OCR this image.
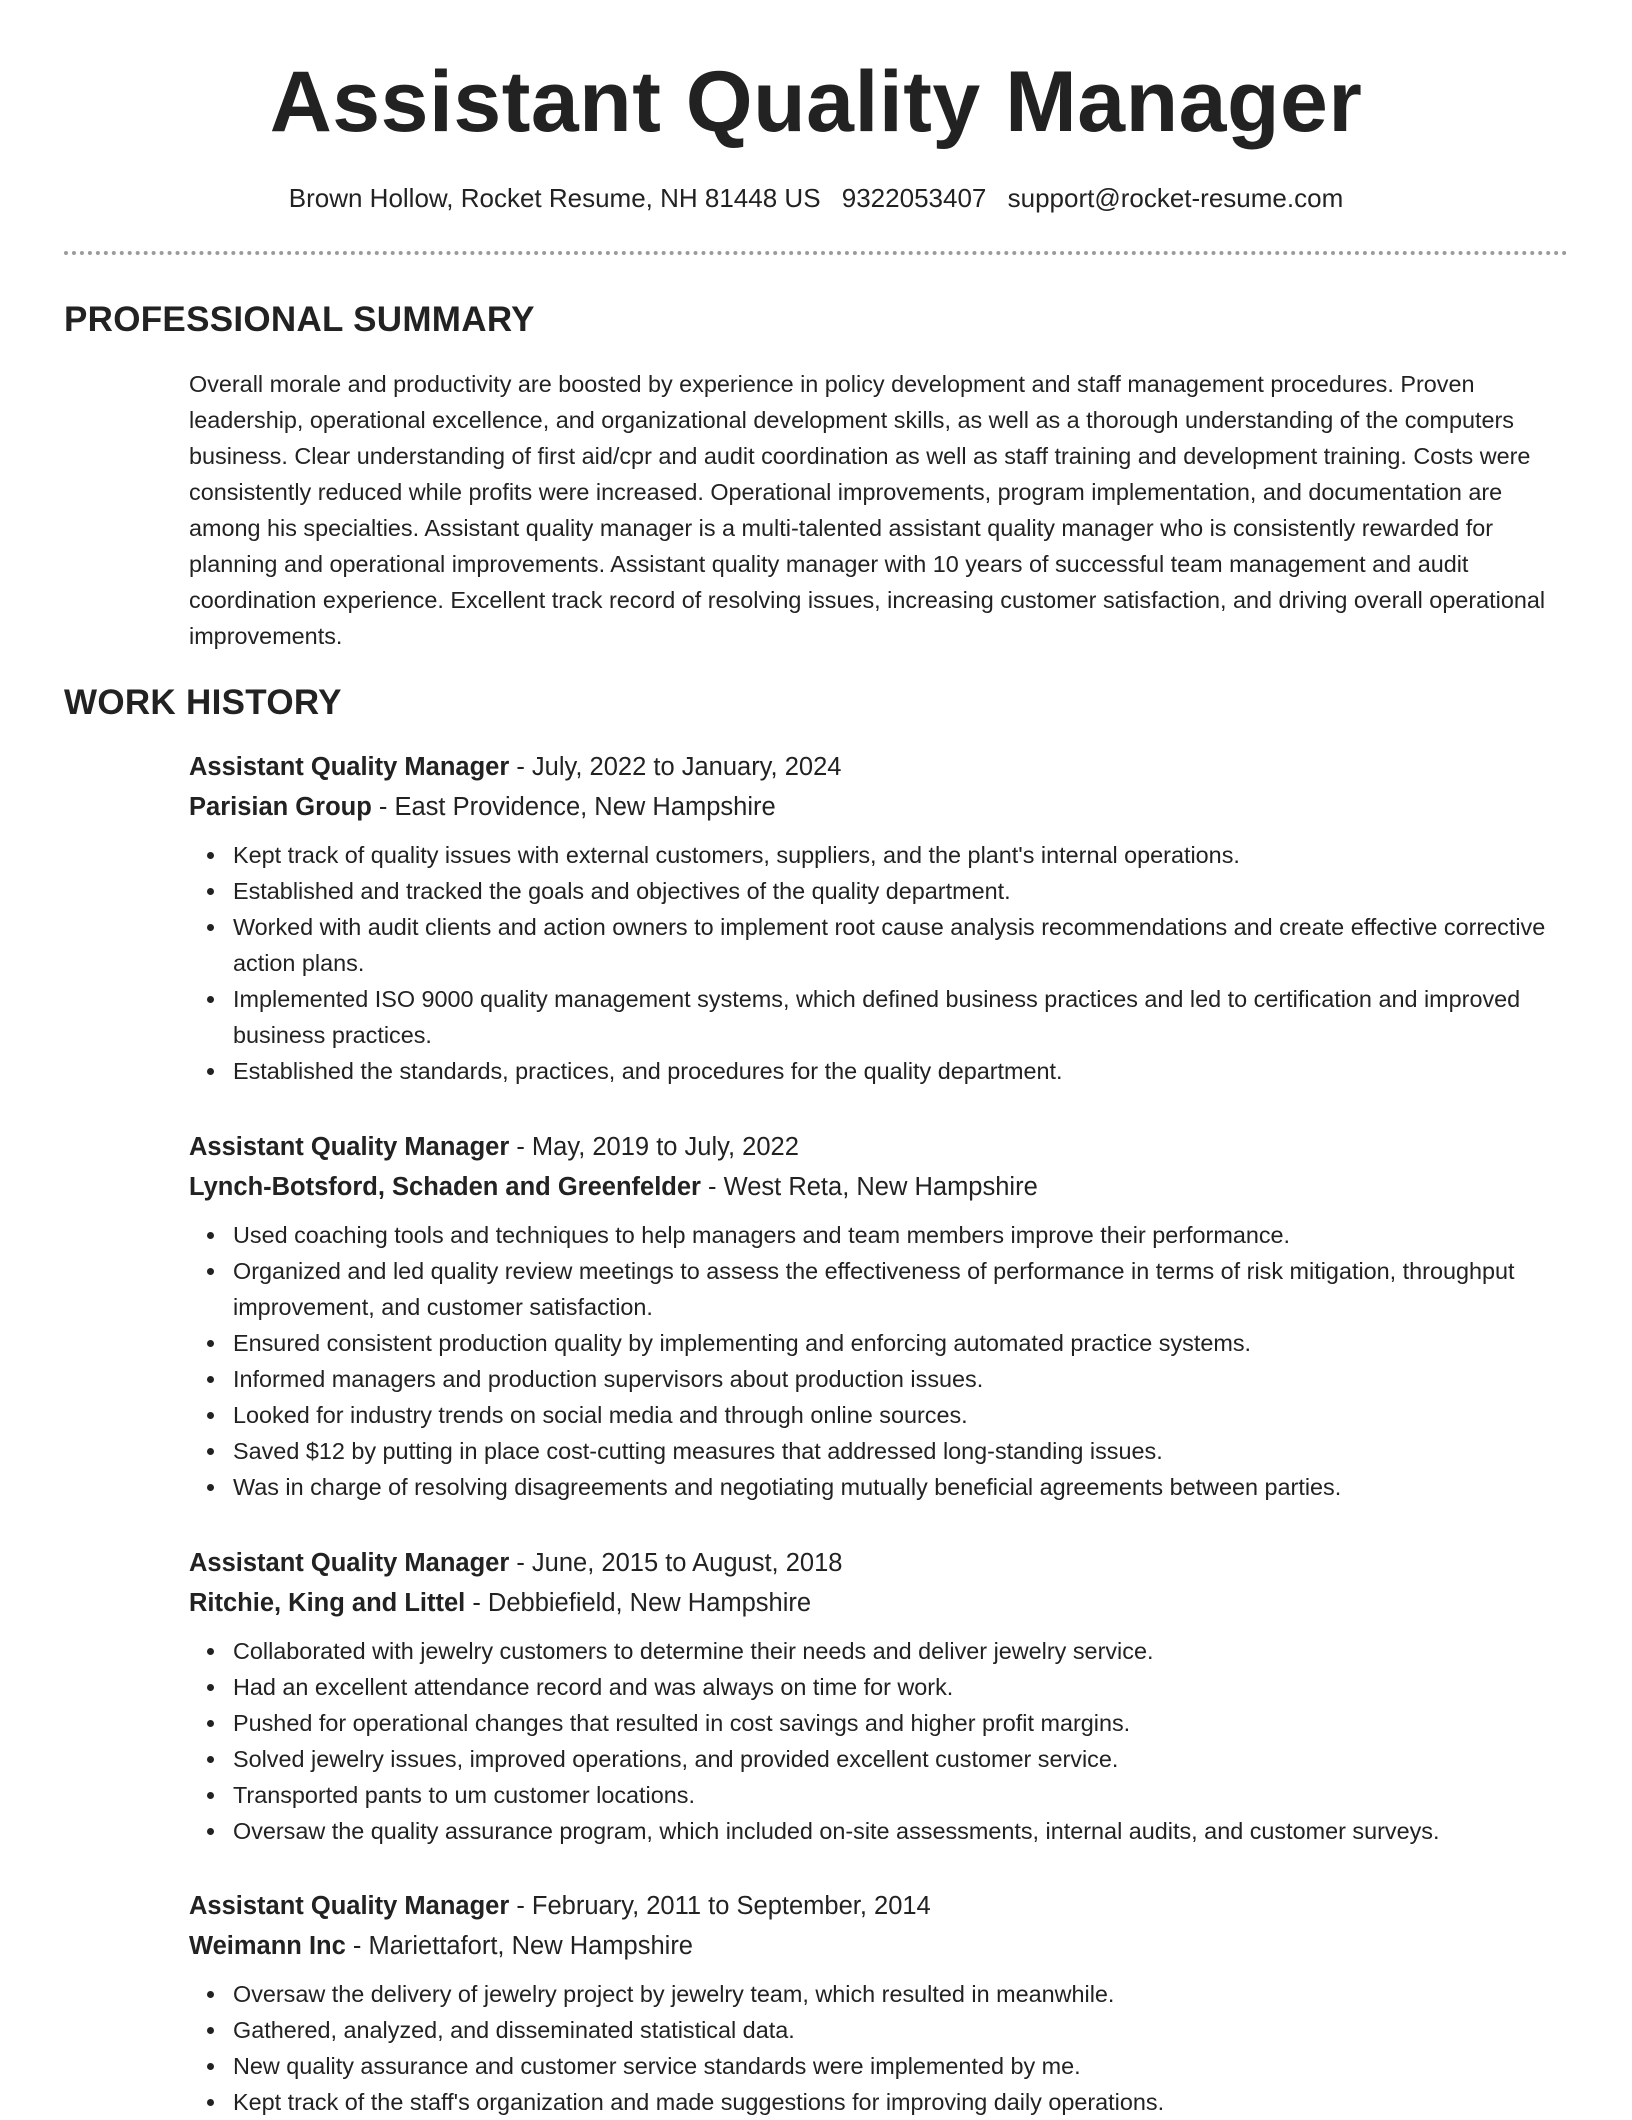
Assistant Quality Manager
Brown Hollow, Rocket Resume, NH 81448 US 9322053407 support@rocket-resume.com
PROFESSIONAL SUMMARY

Overall morale and productivity are boosted by experience in policy development and staff management procedures. Proven leadership, operational excellence, and organizational development skills, as well as a thorough understanding of the computers business. Clear understanding of first aid/cpr and audit coordination as well as staff training and development training. Costs were consistently reduced while profits were increased. Operational improvements, program implementation, and documentation are among his specialties. Assistant quality manager is a multi-talented assistant quality manager who is consistently rewarded for planning and operational improvements. Assistant quality manager with 10 years of successful team management and audit coordination experience. Excellent track record of resolving issues, increasing customer satisfaction, and driving overall operational improvements.

WORK HISTORY
Assistant Quality Manager - July, 2022 to January, 2024
Parisian Group - East Providence, New Hampshire
Kept track of quality issues with external customers, suppliers, and the plant's internal operations.
Established and tracked the goals and objectives of the quality department.
Worked with audit clients and action owners to implement root cause analysis recommendations and create effective corrective action plans.
Implemented ISO 9000 quality management systems, which defined business practices and led to certification and improved business practices.
Established the standards, practices, and procedures for the quality department.
Assistant Quality Manager - May, 2019 to July, 2022
Lynch-Botsford, Schaden and Greenfelder - West Reta, New Hampshire
Used coaching tools and techniques to help managers and team members improve their performance.
Organized and led quality review meetings to assess the effectiveness of performance in terms of risk mitigation, throughput improvement, and customer satisfaction.
Ensured consistent production quality by implementing and enforcing automated practice systems.
Informed managers and production supervisors about production issues.
Looked for industry trends on social media and through online sources.
Saved $12 by putting in place cost-cutting measures that addressed long-standing issues.
Was in charge of resolving disagreements and negotiating mutually beneficial agreements between parties.
Assistant Quality Manager - June, 2015 to August, 2018
Ritchie, King and Littel - Debbiefield, New Hampshire
Collaborated with jewelry customers to determine their needs and deliver jewelry service.
Had an excellent attendance record and was always on time for work.
Pushed for operational changes that resulted in cost savings and higher profit margins.
Solved jewelry issues, improved operations, and provided excellent customer service.
Transported pants to um customer locations.
Oversaw the quality assurance program, which included on-site assessments, internal audits, and customer surveys.
Assistant Quality Manager - February, 2011 to September, 2014
Weimann Inc - Mariettafort, New Hampshire
Oversaw the delivery of jewelry project by jewelry team, which resulted in meanwhile.
Gathered, analyzed, and disseminated statistical data.
New quality assurance and customer service standards were implemented by me.
Kept track of the staff's organization and made suggestions for improving daily operations.
